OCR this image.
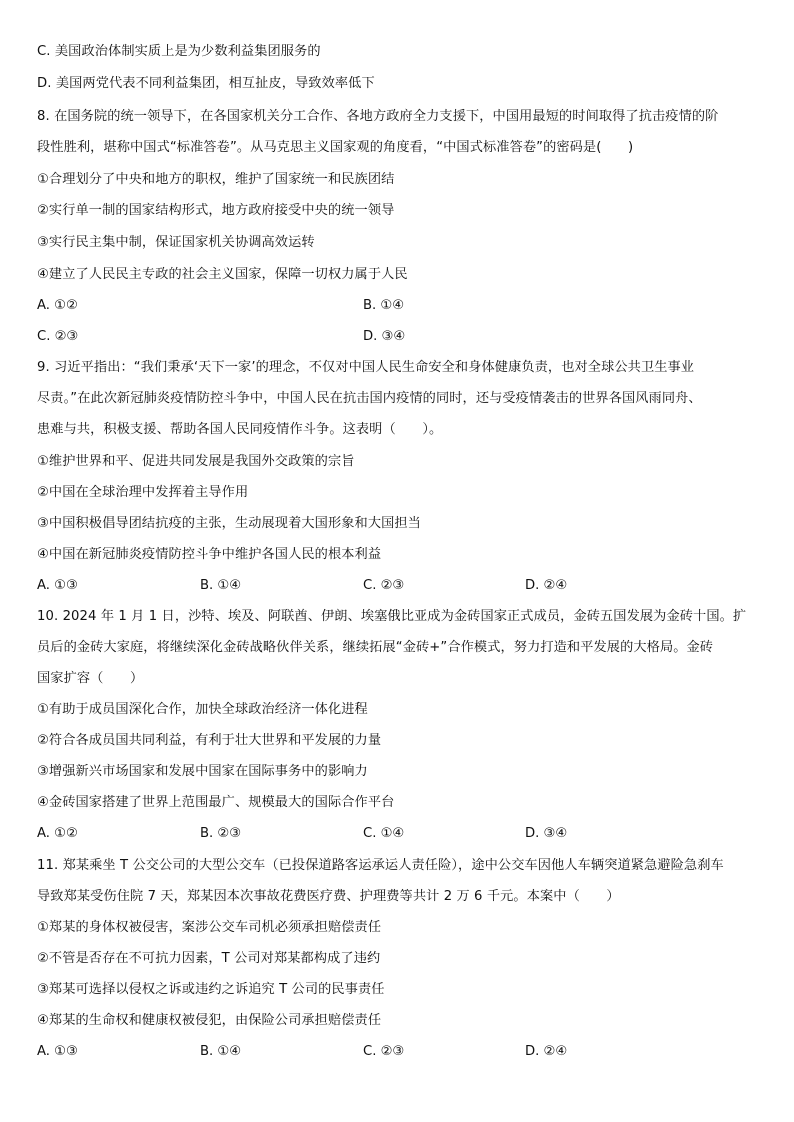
C. 美国政治体制实质上是为少数利益集团服务的
D. 美国两党代表不同利益集团，相互扯皮，导致效率低下
8. 在国务院的统一领导下，在各国家机关分工合作、各地方政府全力支援下，中国用最短的时间取得了抗击疫情的阶
段性胜利，堪称中国式“标准答卷”。从马克思主义国家观的角度看，“中国式标准答卷”的密码是(　　)
①合理划分了中央和地方的职权，维护了国家统一和民族团结
②实行单一制的国家结构形式，地方政府接受中央的统一领导
③实行民主集中制，保证国家机关协调高效运转
④建立了人民民主专政的社会主义国家，保障一切权力属于人民
A. ①②	B. ①④
C. ②③	D. ③④
9. 习近平指出：“我们秉承‘天下一家’的理念，不仅对中国人民生命安全和身体健康负责，也对全球公共卫生事业
尽责。”在此次新冠肺炎疫情防控斗争中，中国人民在抗击国内疫情的同时，还与受疫情袭击的世界各国风雨同舟、
患难与共，积极支援、帮助各国人民同疫情作斗争。这表明（　　）。
①维护世界和平、促进共同发展是我国外交政策的宗旨
②中国在全球治理中发挥着主导作用
③中国积极倡导团结抗疫的主张，生动展现着大国形象和大国担当
④中国在新冠肺炎疫情防控斗争中维护各国人民的根本利益
A. ①③	B. ①④	C. ②③	D. ②④
10. 2024 年 1 月 1 日，沙特、埃及、阿联酋、伊朗、埃塞俄比亚成为金砖国家正式成员，金砖五国发展为金砖十国。扩
员后的金砖大家庭，将继续深化金砖战略伙伴关系，继续拓展“金砖+”合作模式，努力打造和平发展的大格局。金砖
国家扩容（　　）
①有助于成员国深化合作，加快全球政治经济一体化进程
②符合各成员国共同利益，有利于壮大世界和平发展的力量
③增强新兴市场国家和发展中国家在国际事务中的影响力
④金砖国家搭建了世界上范围最广、规模最大的国际合作平台
A. ①②	B. ②③	C. ①④	D. ③④
11. 郑某乘坐 T 公交公司的大型公交车（已投保道路客运承运人责任险），途中公交车因他人车辆突道紧急避险急刹车
导致郑某受伤住院 7 天，郑某因本次事故花费医疗费、护理费等共计 2 万 6 千元。本案中（　　）
①郑某的身体权被侵害，案涉公交车司机必须承担赔偿责任
②不管是否存在不可抗力因素，T 公司对郑某都构成了违约
③郑某可选择以侵权之诉或违约之诉追究 T 公司的民事责任
④郑某的生命权和健康权被侵犯，由保险公司承担赔偿责任
A. ①③	B. ①④	C. ②③	D. ②④
